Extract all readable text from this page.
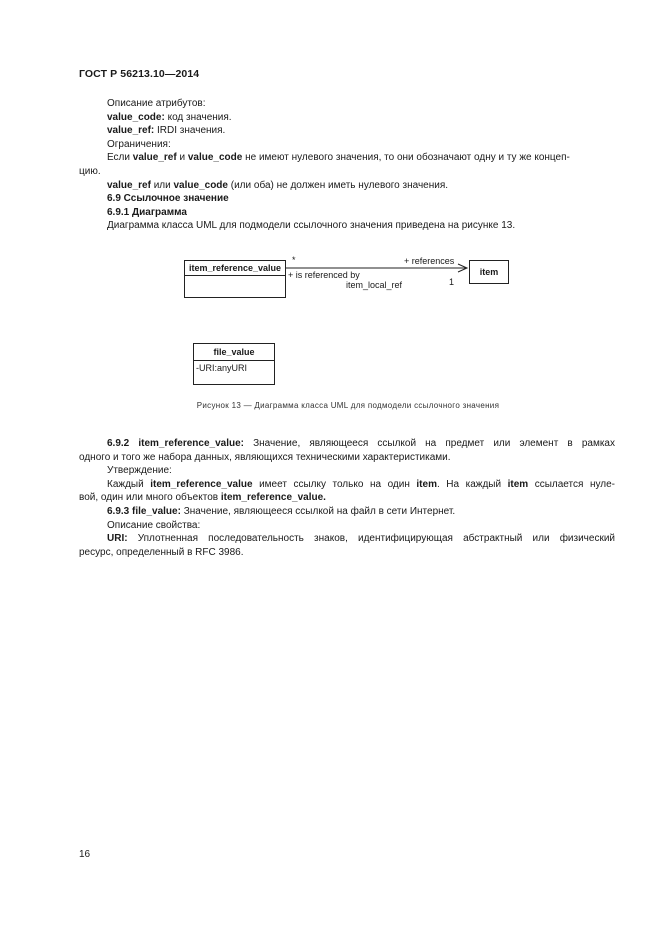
ГОСТ Р 56213.10—2014

Описание атрибутов:

value_code: код значения.

value_ref: IRDI значения.

Ограничения:

Если value_ref и value_code не имеют нулевого значения, то они обозначают одну и ту же концеп-
цию.

value_ref или value_code (или оба) не должен иметь нулевого значения.

6.9 Ссылочное значение

6.9.1 Диаграмма

Диаграмма класса UML для подмодели ссылочного значения приведена на рисунке 13.

item_reference_value	item
file_value
-URI:anyURI
*	+ references
+ is referenced by
1
item_local_ref
Рисунок 13 — Диаграмма класса UML для подмодели ссылочного значения

6.9.2 item_reference_value: Значение, являющееся ссылкой на предмет или элемент в рамках

одного и того же набора данных, являющихся техническими характеристиками.

Утверждение:

Каждый item_reference_value имеет ссылку только на один item. На каждый item ссылается нуле-

вой, один или много объектов item_reference_value.

6.9.3 file_value: Значение, являющееся ссылкой на файл в сети Интернет.

Описание свойства:

URI: Уплотненная последовательность знаков, идентифицирующая абстрактный или физический

ресурс, определенный в RFC 3986.

16
